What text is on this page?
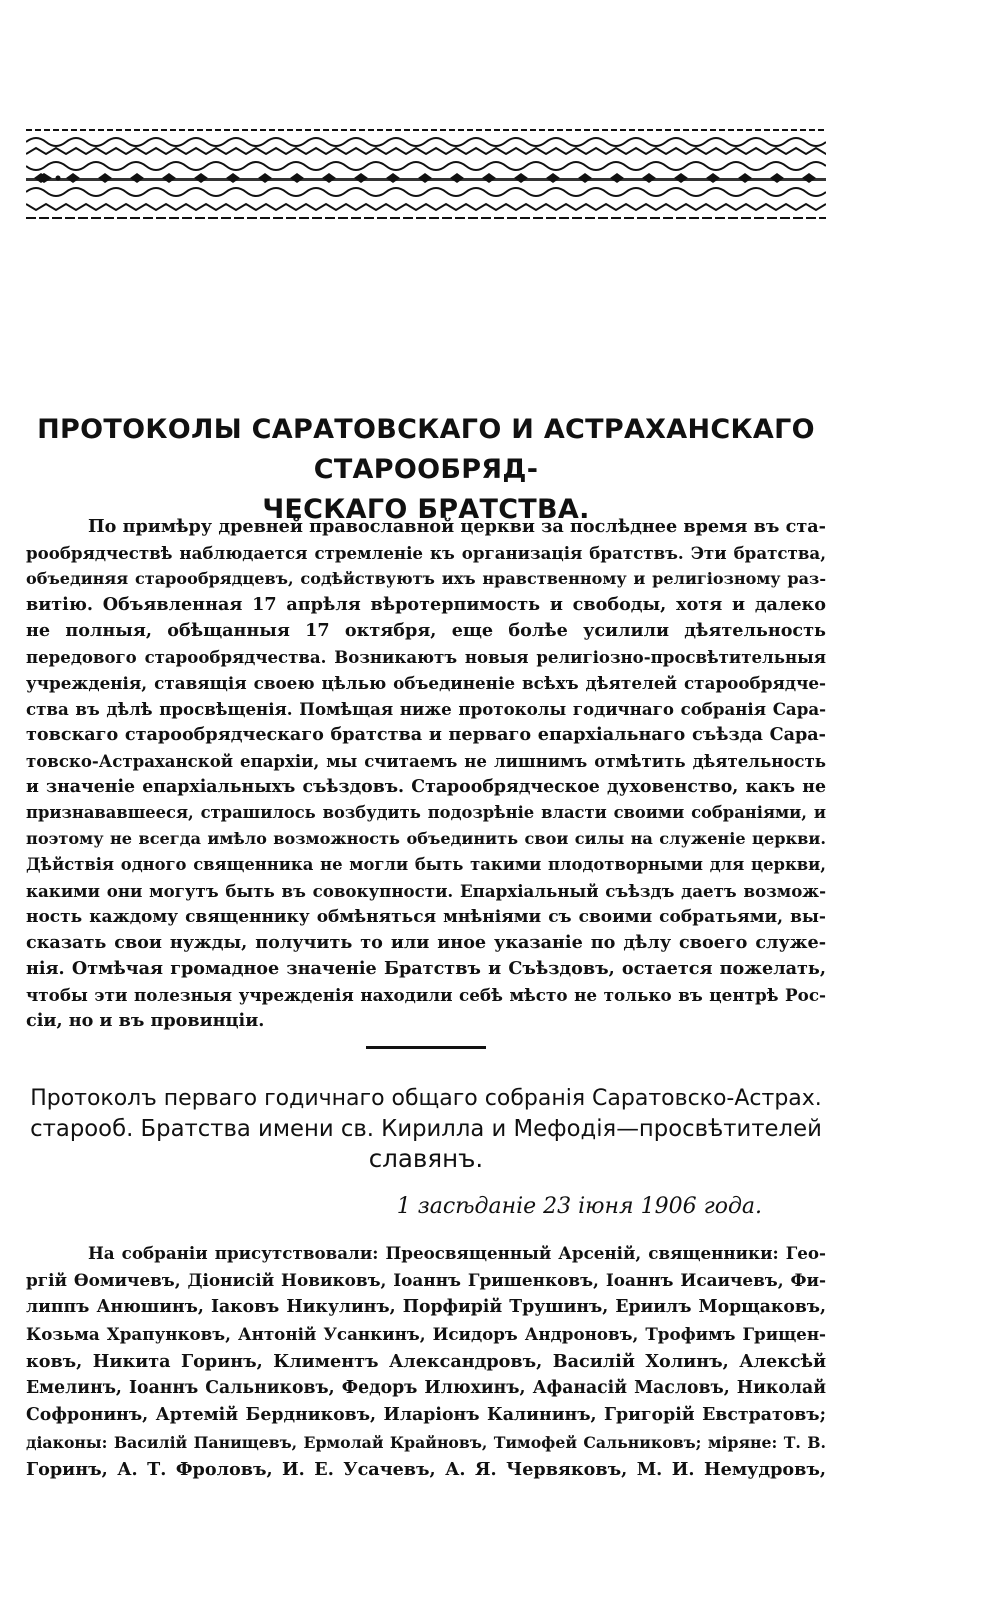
ПРОТОКОЛЫ САРАТОВСКАГО И АСТРАХАНСКАГО СТАРООБРЯД-
ЧЕСКАГО БРАТСТВА.
По примѣру древней православной церкви за послѣднее время въ ста-
рообрядчествѣ наблюдается стремленіе къ организація братствъ. Эти братства,
объединяя старообрядцевъ, содѣйствуютъ ихъ нравственному и религіозному раз-
витію. Объявленная 17 апрѣля вѣротерпимость и свободы, хотя и далеко
не полныя, обѣщанныя 17 октября, еще болѣе усилили дѣятельность
передового старообрядчества. Возникаютъ новыя религіозно-просвѣтительныя
учрежденія, ставящія своею цѣлью объединеніе всѣхъ дѣятелей старообрядче-
ства въ дѣлѣ просвѣщенія. Помѣщая ниже протоколы годичнаго собранія Сара-
товскаго старообрядческаго братства и перваго епархіальнаго съѣзда Сара-
товско-Астраханской епархіи, мы считаемъ не лишнимъ отмѣтить дѣятельность
и значеніе епархіальныхъ съѣздовъ. Старообрядческое духовенство, какъ не
признававшееся, страшилось возбудить подозрѣніе власти своими собраніями, и
поэтому не всегда имѣло возможность объединить свои силы на служеніе церкви.
Дѣйствія одного священника не могли быть такими плодотворными для церкви,
какими они могутъ быть въ совокупности. Епархіальный съѣздъ даетъ возмож-
ность каждому священнику обмѣняться мнѣніями съ своими собратьями, вы-
сказать свои нужды, получить то или иное указаніе по дѣлу своего служе-
нія. Отмѣчая громадное значеніе Братствъ и Съѣздовъ, остается пожелать,
чтобы эти полезныя учрежденія находили себѣ мѣсто не только въ центрѣ Рос-
сіи, но и въ провинціи.
Протоколъ перваго годичнаго общаго собранія Саратовско-Астрах.
старооб. Братства имени св. Кирилла и Мефодія—просвѣтителей
славянъ.
1 засѣданіе 23 іюня 1906 года.
На собраніи присутствовали: Преосвященный Арсеній, священники: Гео-
ргій Ѳомичевъ, Діонисій Новиковъ, Іоаннъ Гришенковъ, Іоаннъ Исаичевъ, Фи-
липпъ Анюшинъ, Іаковъ Никулинъ, Порфирій Трушинъ, Ериилъ Морщаковъ,
Козьма Храпунковъ, Антоній Усанкинъ, Исидоръ Андроновъ, Трофимъ Грищен-
ковъ, Никита Горинъ, Климентъ Александровъ, Василій Холинъ, Алексѣй
Емелинъ, Іоаннъ Сальниковъ, Федоръ Илюхинъ, Афанасій Масловъ, Николай
Софронинъ, Артемій Бердниковъ, Иларіонъ Калининъ, Григорій Евстратовъ;
діаконы: Василій Панищевъ, Ермолай Крайновъ, Тимофей Сальниковъ; міряне: Т. В.
Горинъ, А. Т. Фроловъ, И. Е. Усачевъ, А. Я. Червяковъ, М. И. Немудровъ,
